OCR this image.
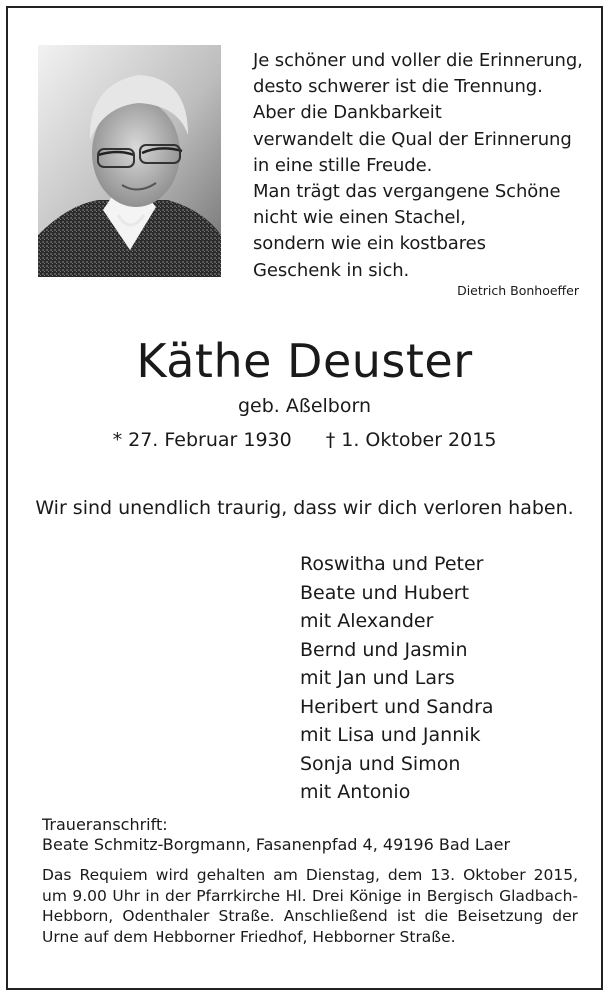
Je schöner und voller die Erinnerung,
desto schwerer ist die Trennung.
Aber die Dankbarkeit
verwandelt die Qual der Erinnerung
in eine stille Freude.
Man trägt das vergangene Schöne
nicht wie einen Stachel,
sondern wie ein kostbares
Geschenk in sich.
Dietrich Bonhoeffer
Käthe Deuster
geb. Aßelborn
* 27. Februar 1930 † 1. Oktober 2015
Wir sind unendlich traurig, dass wir dich verloren haben.
Roswitha und Peter
Beate und Hubert
mit Alexander
Bernd und Jasmin
mit Jan und Lars
Heribert und Sandra
mit Lisa und Jannik
Sonja und Simon
mit Antonio
Traueranschrift:
Beate Schmitz-Borgmann, Fasanenpfad 4, 49196 Bad Laer
Das Requiem wird gehalten am Dienstag, dem 13. Oktober 2015, um 9.00 Uhr in der Pfarrkirche Hl. Drei Könige in Bergisch Gladbach-Hebborn, Odenthaler Straße. Anschließend ist die Beisetzung der Urne auf dem Hebborner Friedhof, Hebborner Straße.
